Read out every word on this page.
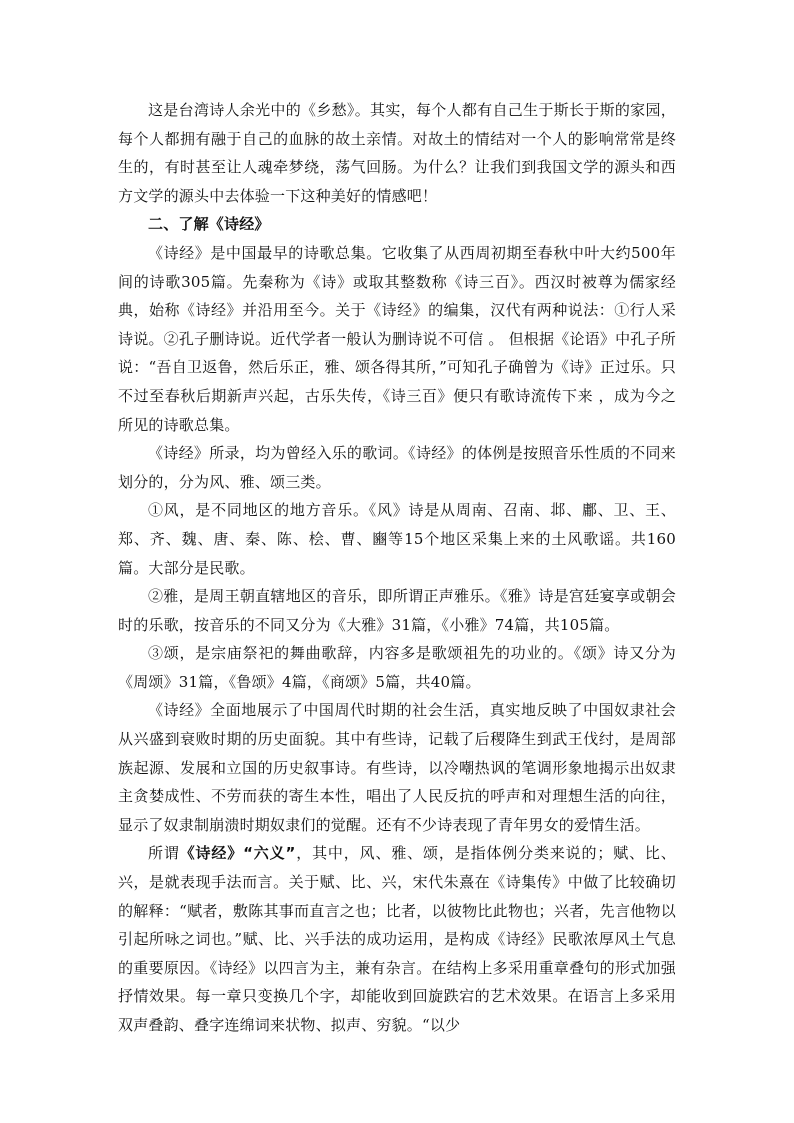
这是台湾诗人余光中的《乡愁》。其实，每个人都有自己生于斯长于斯的家园，每个人都拥有融于自己的血脉的故土亲情。对故土的情结对一个人的影响常常是终生的，有时甚至让人魂牵梦绕，荡气回肠。为什么？让我们到我国文学的源头和西方文学的源头中去体验一下这种美好的情感吧！

二、了解《诗经》

《诗经》是中国最早的诗歌总集。它收集了从西周初期至春秋中叶大约500年间的诗歌305篇。先秦称为《诗》或取其整数称《诗三百》。西汉时被尊为儒家经典，始称《诗经》并沿用至今。关于《诗经》的编集，汉代有两种说法：①行人采诗说。②孔子删诗说。近代学者一般认为删诗说不可信 。 但根据《论语》中孔子所说：“吾自卫返鲁，然后乐正，雅、颂各得其所，”可知孔子确曾为《诗》正过乐。只不过至春秋后期新声兴起，古乐失传，《诗三百》便只有歌诗流传下来 ，成为今之所见的诗歌总集。

《诗经》所录，均为曾经入乐的歌词。《诗经》的体例是按照音乐性质的不同来划分的，分为风、雅、颂三类。

①风，是不同地区的地方音乐。《风》诗是从周南、召南、邶、鄘、卫、王、郑、齐、魏、唐、秦、陈、桧、曹、豳等15个地区采集上来的土风歌谣。共160篇。大部分是民歌。

②雅，是周王朝直辖地区的音乐，即所谓正声雅乐。《雅》诗是宫廷宴享或朝会时的乐歌，按音乐的不同又分为《大雅》31篇，《小雅》74篇，共105篇。

③颂，是宗庙祭祀的舞曲歌辞，内容多是歌颂祖先的功业的。《颂》诗又分为《周颂》31篇，《鲁颂》4篇，《商颂》5篇，共40篇。

《诗经》全面地展示了中国周代时期的社会生活，真实地反映了中国奴隶社会从兴盛到衰败时期的历史面貌。其中有些诗，记载了后稷降生到武王伐纣，是周部族起源、发展和立国的历史叙事诗。有些诗，以冷嘲热讽的笔调形象地揭示出奴隶主贪婪成性、不劳而获的寄生本性，唱出了人民反抗的呼声和对理想生活的向往，显示了奴隶制崩溃时期奴隶们的觉醒。还有不少诗表现了青年男女的爱情生活。

所谓《诗经》“六义”，其中，风、雅、颂，是指体例分类来说的；赋、比、兴，是就表现手法而言。关于赋、比、兴，宋代朱熹在《诗集传》中做了比较确切的解释：“赋者，敷陈其事而直言之也；比者，以彼物比此物也；兴者，先言他物以引起所咏之词也。”赋、比、兴手法的成功运用，是构成《诗经》民歌浓厚风土气息的重要原因。《诗经》以四言为主，兼有杂言。在结构上多采用重章叠句的形式加强抒情效果。每一章只变换几个字，却能收到回旋跌宕的艺术效果。在语言上多采用双声叠韵、叠字连绵词来状物、拟声、穷貌。“以少
